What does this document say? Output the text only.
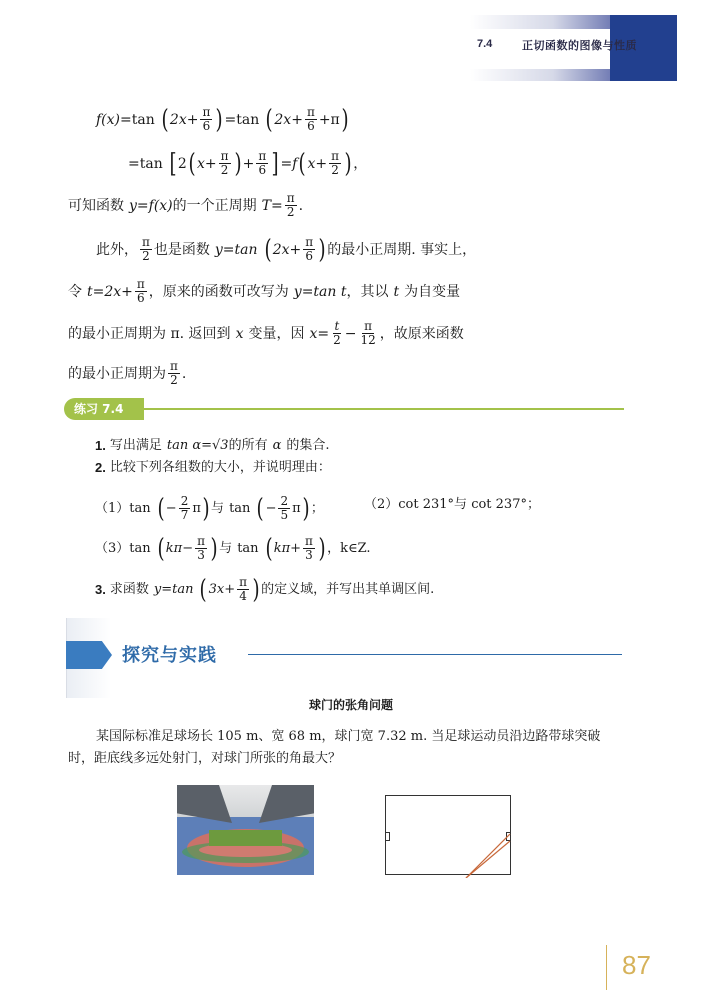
7.4	正切函数的图像与性质
f(x) = tan ( $2x+ \frac{\pi}{6}$ ) = tan ( $2x+ \frac{\pi}{6} +\pi$ )
= tan [ 2 ( $x+ \frac{\pi}{2}$ ) + $\frac{\pi}{6}$ ] =f ( $x+ \frac{\pi}{2}$ ) ，
可知函数 y=f(x) 的一个正周期 $T= \frac{\pi}{2}$ .
此外， $\frac{\pi}{2}$ 也是函数 y=tan ( $2x+ \frac{\pi}{6}$ ) 的最小正周期. 事实上，
令 $t=2x+ \frac{\pi}{6}$ ，原来的函数可改写为 y=tan t ，其以 t 为自变量
的最小正周期为 π. 返回到 x 变量，因 $x= \frac{t}{2} - \frac{\pi}{12}$ ，故原来函数
的最小正周期为 $\frac{\pi}{2}$ .
练习 7.4
1. 写出满足 tan α=√3 的所有 α 的集合.
2. 比较下列各组数的大小，并说明理由：
（1） tan ( − $\frac{2}{7}$ π ) 与 tan ( − $\frac{2}{5}$ π ) ；	（2） cot 231°与 cot 237°；
（3） tan ( $k\pi- \frac{\pi}{3}$ ) 与 tan ( $k\pi+ \frac{\pi}{3}$ ) ，k∈Z.
3. 求函数 y=tan ( $3x+ \frac{\pi}{4}$ ) 的定义域，并写出其单调区间.
探究与实践
球门的张角问题
某国际标准足球场长 105 m、宽 68 m，球门宽 7.32 m. 当足球运动员沿边路带球突破
时，距底线多远处射门，对球门所张的角最大？
87
